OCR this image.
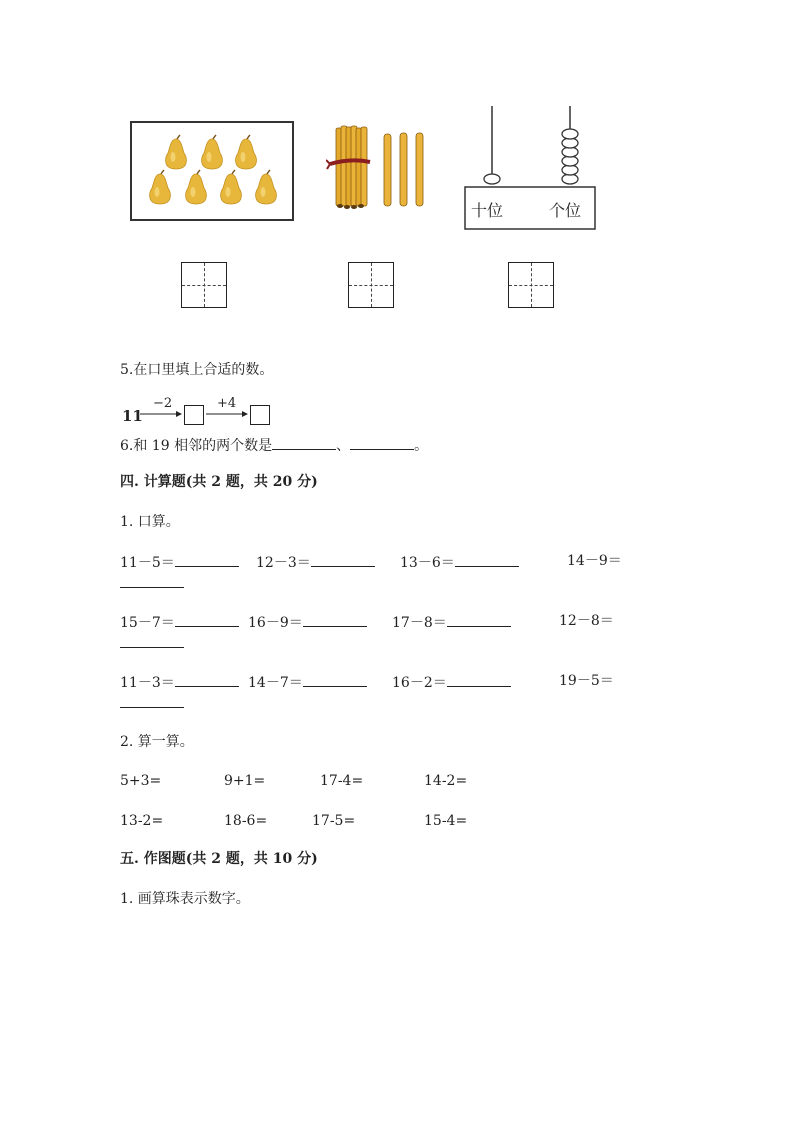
十位	个位
5.在口里填上合适的数。
11
−2	+4
6.和 19 相邻的两个数是	、	。
四. 计算题(共 2 题，共 20 分)
1. 口算。
11－5＝	12－3＝	13－6＝	14－9＝
15－7＝	16－9＝	17－8＝	12－8＝
11－3＝	14－7＝	16－2＝	19－5＝
2. 算一算。
5+3=	9+1=	17-4=	14-2=
13-2=	18-6=	17-5=	15-4=
五. 作图题(共 2 题，共 10 分)
1. 画算珠表示数字。
